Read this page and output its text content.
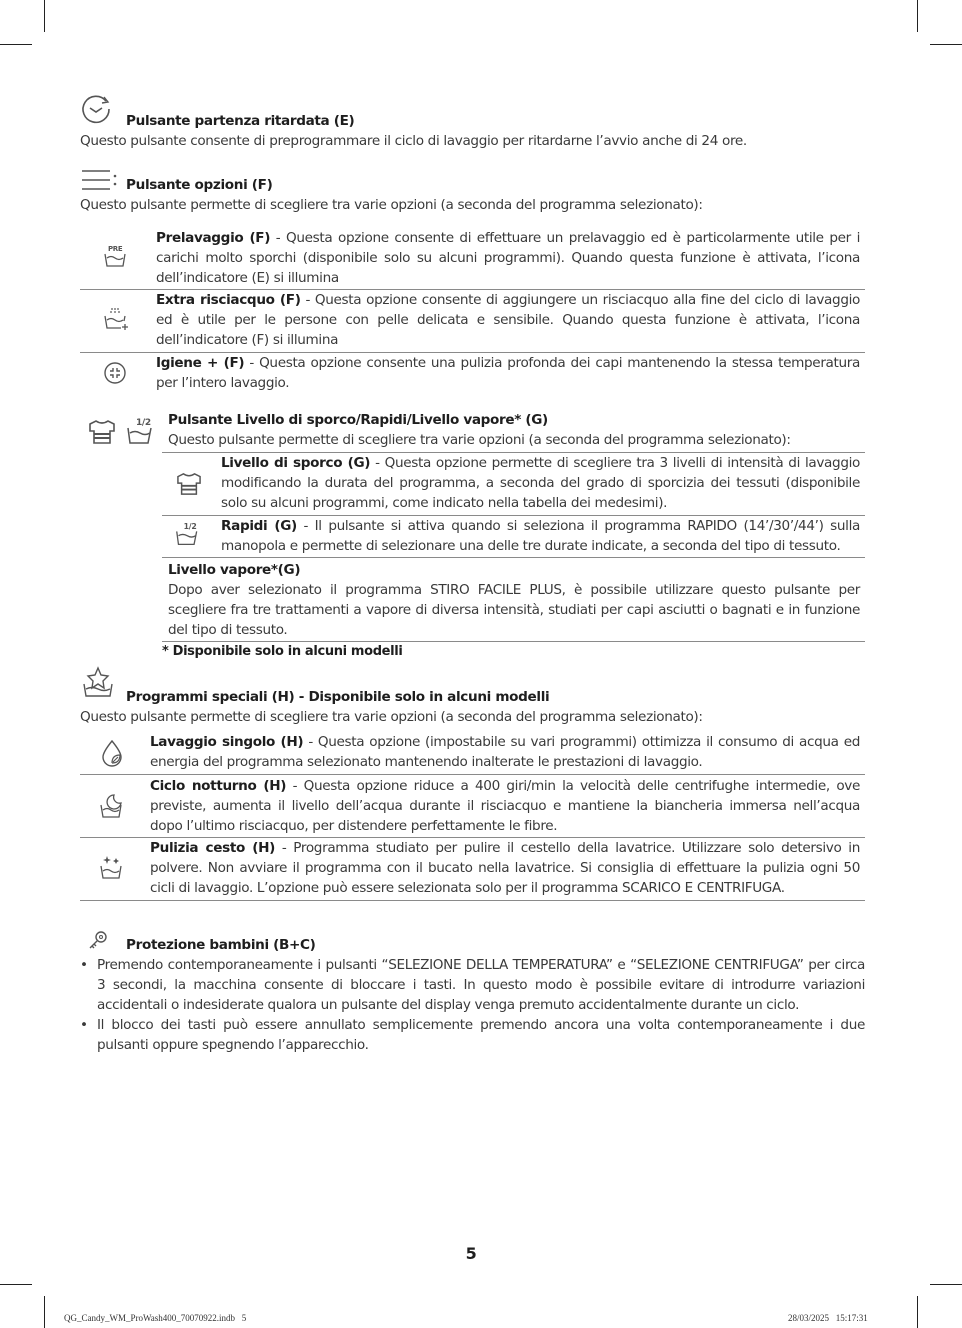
Pulsante partenza ritardata (E)
Questo pulsante consente di preprogrammare il ciclo di lavaggio per ritardarne l’avvio anche di 24 ore.
Pulsante opzioni (F)
Questo pulsante permette di scegliere tra varie opzioni (a seconda del programma selezionato):
PRE
Prelavaggio (F) - Questa opzione consente di effettuare un prelavaggio ed è particolarmente utile per i carichi molto sporchi (disponibile solo su alcuni programmi). Quando questa funzione è attivata, l’icona dell’indicatore (E) si illumina
Extra risciacquo (F) - Questa opzione consente di aggiungere un risciacquo alla fine del ciclo di lavaggio ed è utile per le persone con pelle delicata e sensibile. Quando questa funzione è attivata, l’icona dell’indicatore (F) si illumina
Igiene + (F) - Questa opzione consente una pulizia profonda dei capi mantenendo la stessa temperatura per l’intero lavaggio.
1/2 Pulsante Livello di sporco/Rapidi/Livello vapore* (G)
Questo pulsante permette di scegliere tra varie opzioni (a seconda del programma selezionato):
Livello di sporco (G) - Questa opzione permette di scegliere tra 3 livelli di intensità di lavaggio modificando la durata del programma, a seconda del grado di sporcizia dei tessuti (disponibile solo su alcuni programmi, come indicato nella tabella dei medesimi).
1/2 Rapidi (G) - Il pulsante si attiva quando si seleziona il programma RAPIDO (14’/30’/44’) sulla manopola e permette di selezionare una delle tre durate indicate, a seconda del tipo di tessuto.
Livello vapore*(G)
Dopo aver selezionato il programma STIRO FACILE PLUS, è possibile utilizzare questo pulsante per scegliere fra tre trattamenti a vapore di diversa intensità, studiati per capi asciutti o bagnati e in funzione del tipo di tessuto.
* Disponibile solo in alcuni modelli
Programmi speciali (H) - Disponibile solo in alcuni modelli
Questo pulsante permette di scegliere tra varie opzioni (a seconda del programma selezionato):
Lavaggio singolo (H) - Questa opzione (impostabile su vari programmi) ottimizza il consumo di acqua ed energia del programma selezionato mantenendo inalterate le prestazioni di lavaggio.
Ciclo notturno (H) - Questa opzione riduce a 400 giri/min la velocità delle centrifughe intermedie, ove previste, aumenta il livello dell’acqua durante il risciacquo e mantiene la biancheria immersa nell’acqua dopo l’ultimo risciacquo, per distendere perfettamente le fibre.
Pulizia cesto (H) - Programma studiato per pulire il cestello della lavatrice. Utilizzare solo detersivo in polvere. Non avviare il programma con il bucato nella lavatrice. Si consiglia di effettuare la pulizia ogni 50 cicli di lavaggio. L’opzione può essere selezionata solo per il programma SCARICO E CENTRIFUGA.
Protezione bambini (B+C)
• Premendo contemporaneamente i pulsanti “SELEZIONE DELLA TEMPERATURA” e “SELEZIONE CENTRIFUGA” per circa 3 secondi, la macchina consente di bloccare i tasti. In questo modo è possibile evitare di introdurre variazioni accidentali o indesiderate qualora un pulsante del display venga premuto accidentalmente durante un ciclo.
• Il blocco dei tasti può essere annullato semplicemente premendo ancora una volta contemporaneamente i due pulsanti oppure spegnendo l’apparecchio.
5
QG_Candy_WM_ProWash400_70070922.indb   5	28/03/2025   15:17:31
